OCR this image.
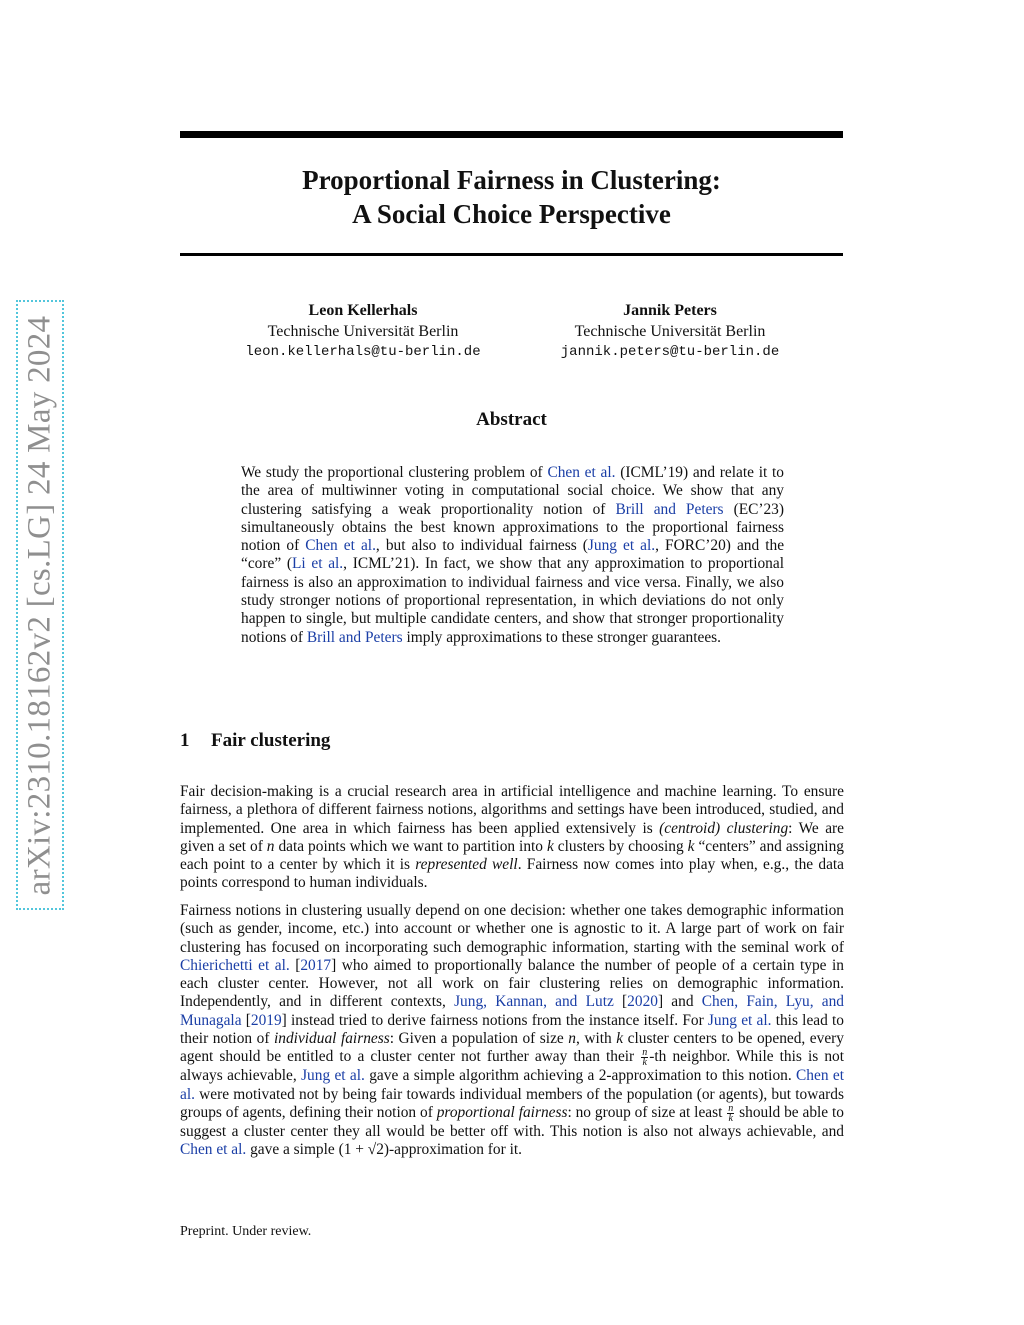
arXiv:2310.18162v2 [cs.LG] 24 May 2024
Proportional Fairness in Clustering:
A Social Choice Perspective
Leon Kellerhals
Technische Universität Berlin
leon.kellerhals@tu-berlin.de
Jannik Peters
Technische Universität Berlin
jannik.peters@tu-berlin.de
Abstract
We study the proportional clustering problem of Chen et al. (ICML’19) and relate it to the area of multiwinner voting in computational social choice. We show that any clustering satisfying a weak proportionality notion of Brill and Peters (EC’23) simultaneously obtains the best known approximations to the proportional fairness notion of Chen et al., but also to individual fairness (Jung et al., FORC’20) and the “core” (Li et al., ICML’21). In fact, we show that any approximation to proportional fairness is also an approximation to individual fairness and vice versa. Finally, we also study stronger notions of proportional representation, in which deviations do not only happen to single, but multiple candidate centers, and show that stronger proportionality notions of Brill and Peters imply approximations to these stronger guarantees.
1 Fair clustering
Fair decision-making is a crucial research area in artificial intelligence and machine learning. To ensure fairness, a plethora of different fairness notions, algorithms and settings have been introduced, studied, and implemented. One area in which fairness has been applied extensively is (centroid) clustering: We are given a set of n data points which we want to partition into k clusters by choosing k “centers” and assigning each point to a center by which it is represented well. Fairness now comes into play when, e.g., the data points correspond to human individuals.
Fairness notions in clustering usually depend on one decision: whether one takes demographic information (such as gender, income, etc.) into account or whether one is agnostic to it. A large part of work on fair clustering has focused on incorporating such demographic information, starting with the seminal work of Chierichetti et al. [2017] who aimed to proportionally balance the number of people of a certain type in each cluster center. However, not all work on fair clustering relies on demographic information. Independently, and in different contexts, Jung, Kannan, and Lutz [2020] and Chen, Fain, Lyu, and Munagala [2019] instead tried to derive fairness notions from the instance itself. For Jung et al. this lead to their notion of individual fairness: Given a population of size n, with k cluster centers to be opened, every agent should be entitled to a cluster center not further away than their $\frac{n}{k} -th$ neighbor. While this is not always achievable, Jung et al. gave a simple algorithm achieving a 2-approximation to this notion. Chen et al. were motivated not by being fair towards individual members of the population (or agents), but towards groups of agents, defining their notion of proportional fairness: no group of size at least $\frac{n}{k}$ should be able to suggest a cluster center they all would be better off with. This notion is also not always achievable, and Chen et al. gave a simple (1 + √2)-approximation for it.
Preprint. Under review.
